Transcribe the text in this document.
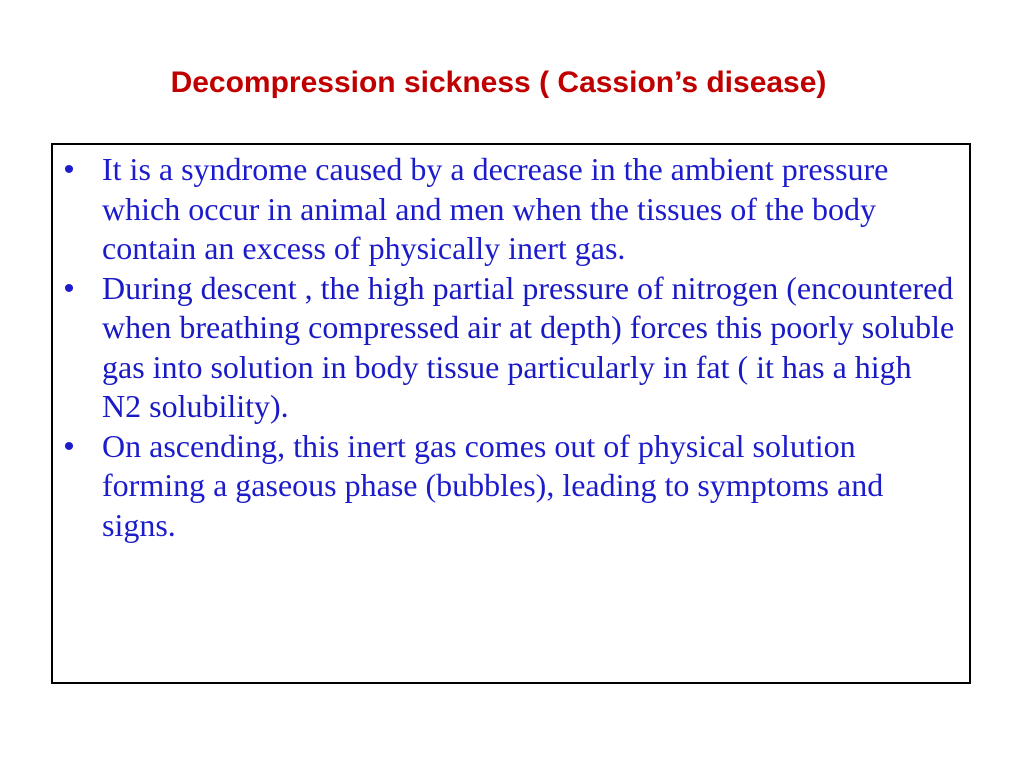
Decompression sickness ( Cassion’s disease)
• It is a syndrome caused by a decrease in the ambient pressure which occur in animal and men when the tissues of the body contain an excess of physically inert gas.
• During descent , the high partial pressure of nitrogen (encountered when breathing compressed air at depth) forces this poorly soluble gas into solution in body tissue particularly in fat ( it has a high N2 solubility).
• On ascending, this inert gas comes out of physical solution forming a gaseous phase (bubbles), leading to symptoms and signs.
